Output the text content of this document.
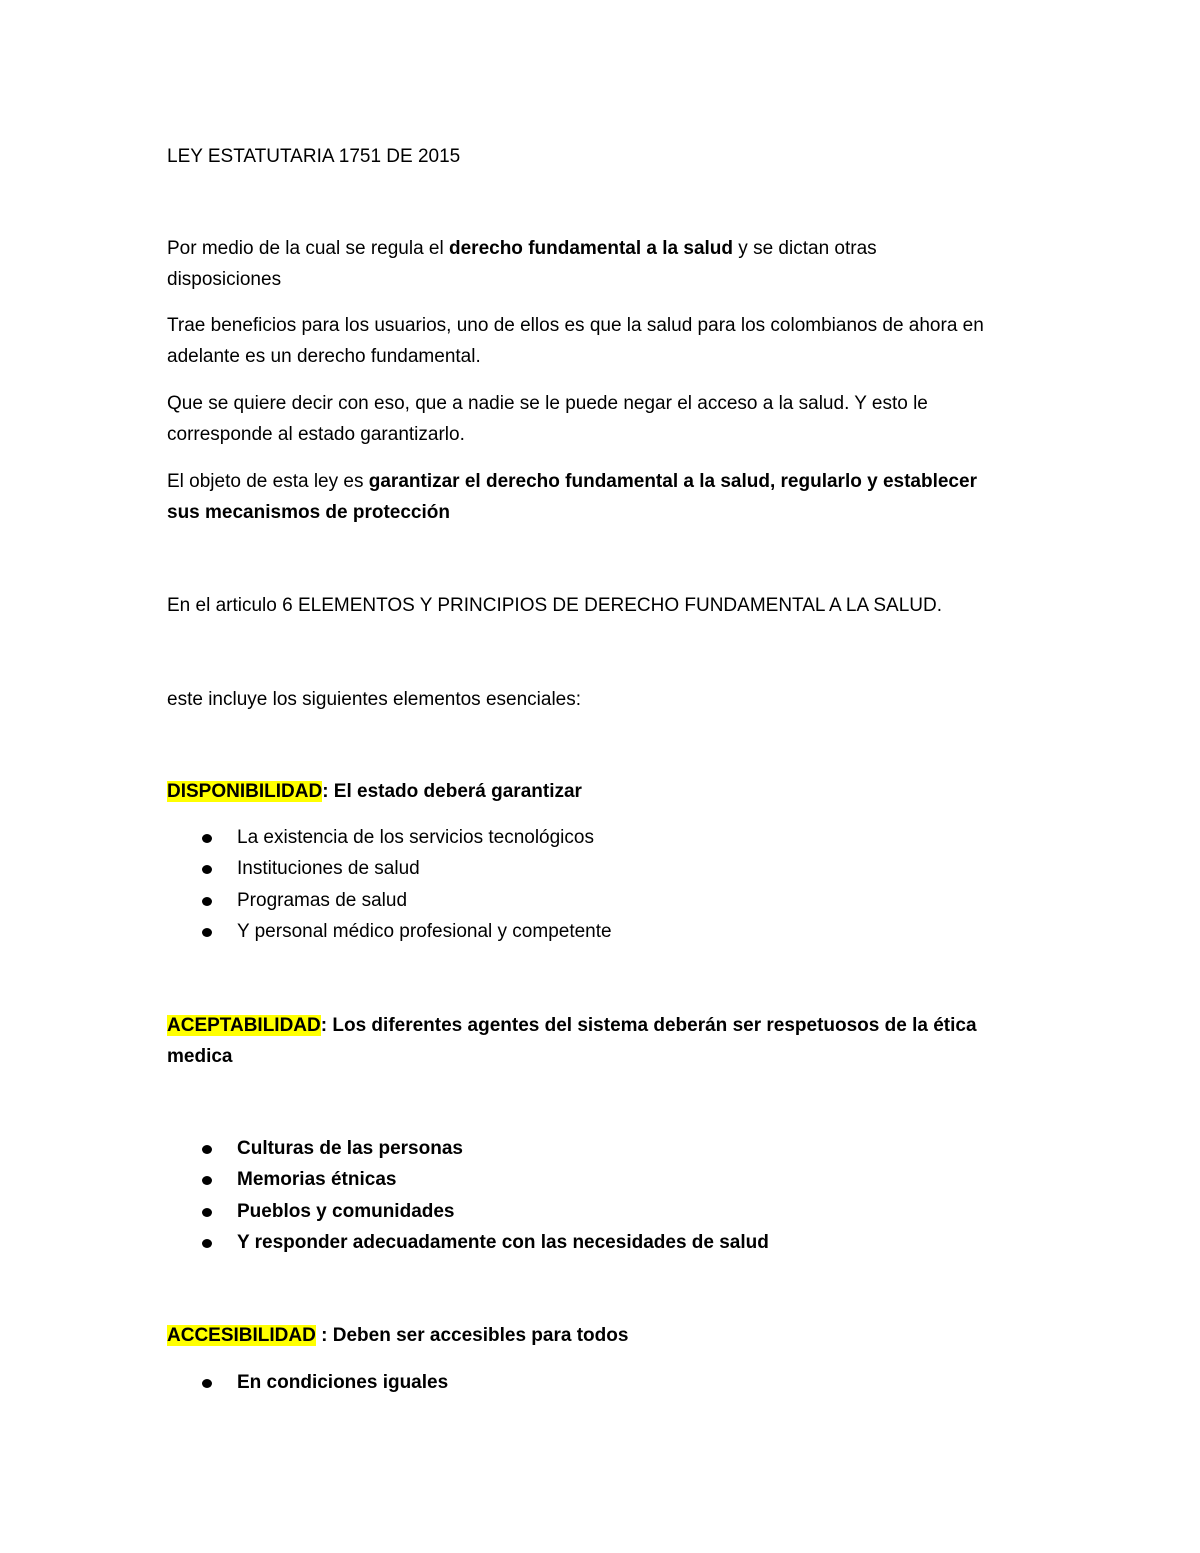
LEY ESTATUTARIA 1751 DE 2015
Por medio de la cual se regula el derecho fundamental a la salud y se dictan otras disposiciones
Trae beneficios para los usuarios, uno de ellos es que la salud para los colombianos de ahora en adelante es un derecho fundamental.
Que se quiere decir con eso, que a nadie se le puede negar el acceso a la salud. Y esto le corresponde al estado garantizarlo.
El objeto de esta ley es garantizar el derecho fundamental a la salud, regularlo y establecer sus mecanismos de protección
En el articulo 6 ELEMENTOS Y PRINCIPIOS DE DERECHO FUNDAMENTAL A LA SALUD.
este incluye los siguientes elementos esenciales:
DISPONIBILIDAD: El estado deberá garantizar
La existencia de los servicios tecnológicos
Instituciones de salud
Programas de salud
Y personal médico profesional y competente
ACEPTABILIDAD: Los diferentes agentes del sistema deberán ser respetuosos de la ética medica
Culturas de las personas
Memorias étnicas
Pueblos y comunidades
Y responder adecuadamente con las necesidades de salud
ACCESIBILIDAD : Deben ser accesibles para todos
En condiciones iguales
